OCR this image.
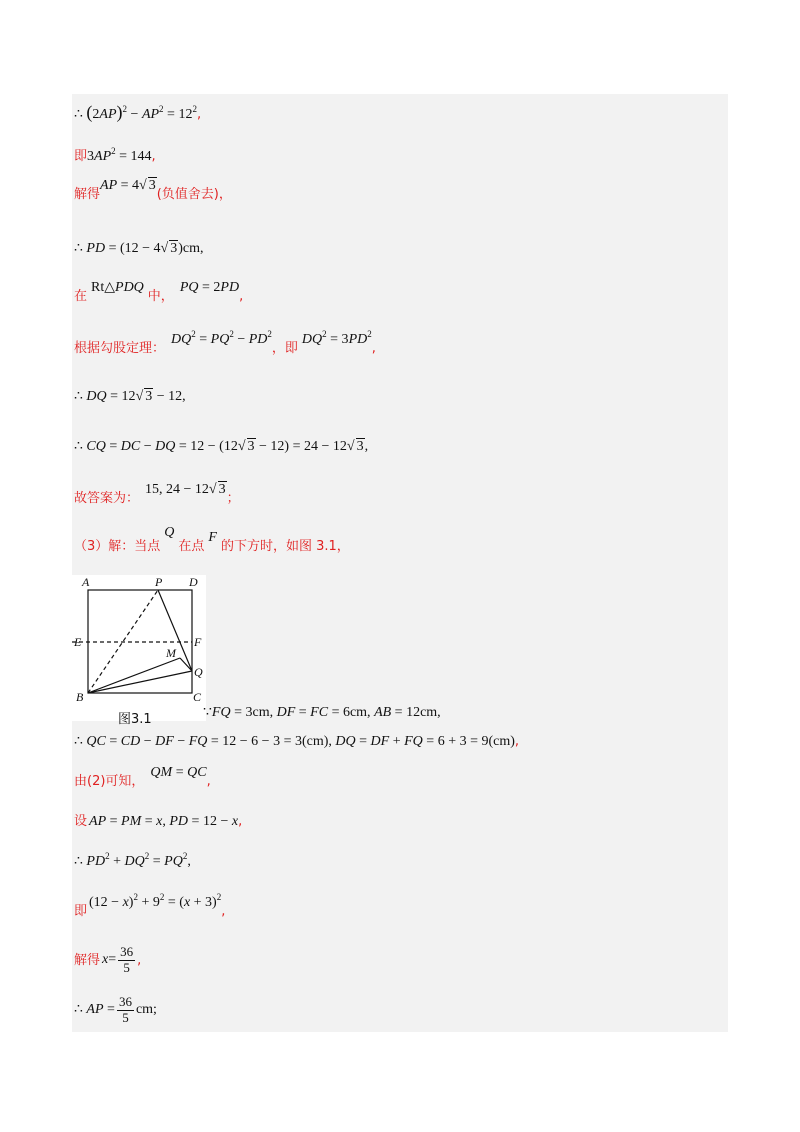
∴ $(2AP)^2 - AP^2 = 12^2$,
即$3AP^2 = 144$,
解得AP = 4√ 3(负值舍去)，
∴ PD = (12 − 4√ 3)cm,
在Rt△PDQ中，PQ = 2PD,
根据勾股定理：$DQ^2 = PQ^2 - PD^2$，即$DQ^2 = 3PD^2$,
∴ DQ = 12√ 3 − 12,
∴ CQ = DC − DQ = 12 − (12√ 3 − 12) = 24 − 12√ 3,
故答案为：15, 24 − 12√ 3；
（3）解：当点Q在点F的下方时，如图 3.1，
A	P D
E	F
M
Q
B	C
图3.1	∵FQ = 3cm, DF = FC = 6cm, AB = 12cm,
∴ QC = CD − DF − FQ = 12 − 6 − 3 = 3(cm), DQ = DF + FQ = 6 + 3 = 9(cm),
由(2)可知，QM = QC,
设 AP = PM = x, PD = 12 − x,
∴ $PD^2 + DQ^2 = PQ^2$,
即$(12 - x)^2 + 9^2 = (x + 3)^2$,
解得 $x = \frac{36}{5}$ ,
∴ AP = $\frac{36}{5}$ cm;
